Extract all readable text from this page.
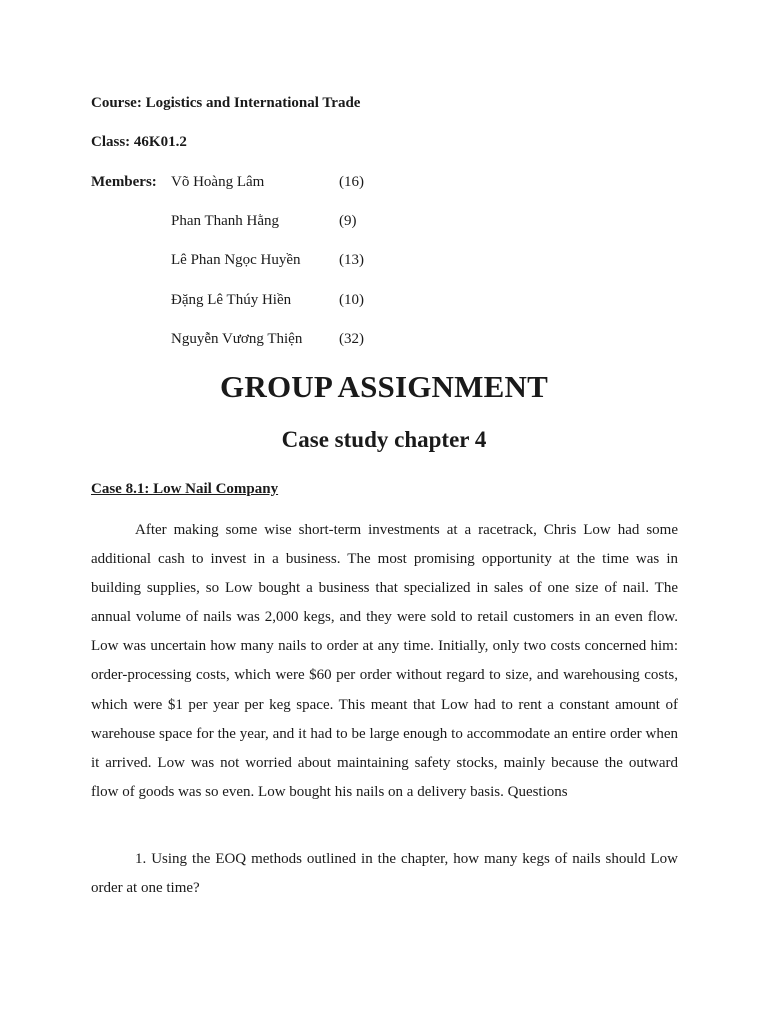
Course: Logistics and International Trade
Class: 46K01.2
Members: Võ Hoàng Lâm	(16)
Phan Thanh Hằng	(9)
Lê Phan Ngọc Huyền	(13)
Đặng Lê Thúy Hiền	(10)
Nguyễn Vương Thiện (32)
GROUP ASSIGNMENT
Case study chapter 4
Case 8.1: Low Nail Company

After making some wise short-term investments at a racetrack, Chris Low had some additional cash to invest in a business. The most promising opportunity at the time was in building supplies, so Low bought a business that specialized in sales of one size of nail. The annual volume of nails was 2,000 kegs, and they were sold to retail customers in an even flow. Low was uncertain how many nails to order at any time. Initially, only two costs concerned him: order-processing costs, which were $60 per order without regard to size, and warehousing costs, which were $1 per year per keg space. This meant that Low had to rent a constant amount of warehouse space for the year, and it had to be large enough to accommodate an entire order when it arrived. Low was not worried about maintaining safety stocks, mainly because the outward flow of goods was so even. Low bought his nails on a delivery basis. Questions

1. Using the EOQ methods outlined in the chapter, how many kegs of nails should Low order at one time?
